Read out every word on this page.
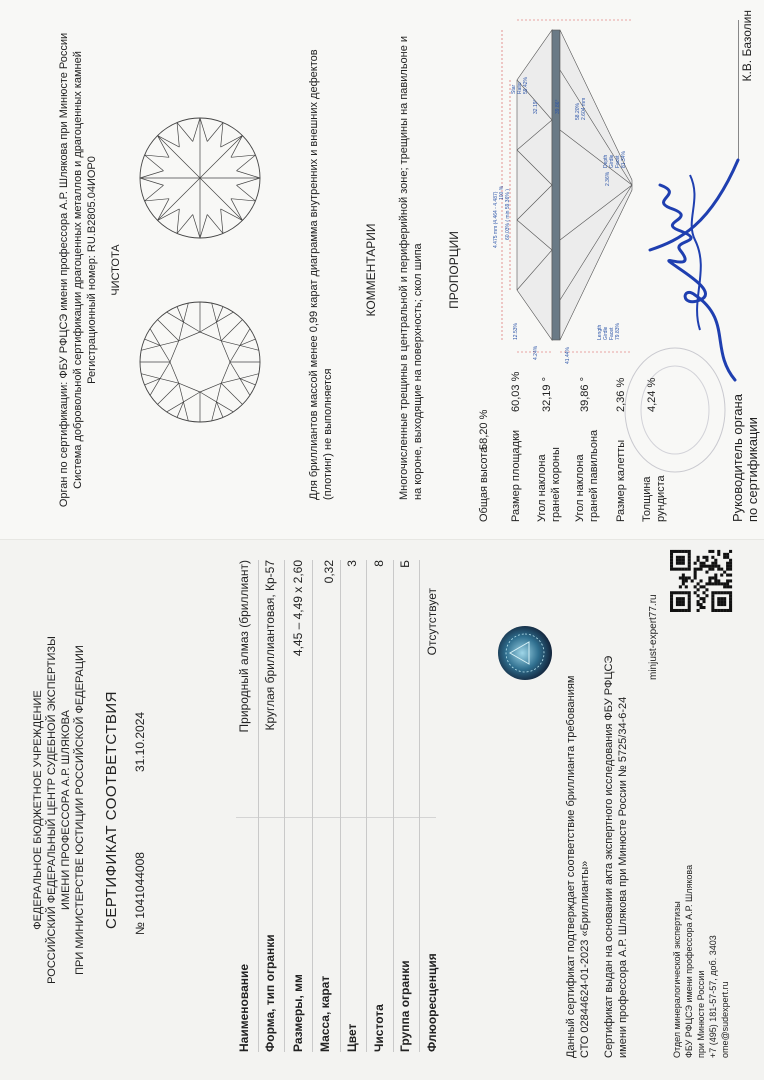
Руководитель органа по сертификации
К.В. Базолин
Орган по сертификации: ФБУ РФЦСЭ имени профессора А.Р. Шлякова при Минюсте России Система добровольной сертификации драгоценных металлов и драгоценных камней Регистрационный номер: RU.B2805.04ИОР0 ЧИСТОТА	Для бриллиантов массой менее 0,99 карат диаграмма внутренних и внешних дефектов (плотинг) не выполняется
КОММЕНТАРИИ Многочисленные трещины в центральной и периферийной зоне; трещины на павильоне и на короне, выходящие на поверхность; скол шипа ПРОПОРЦИИ
Общая высота
58,20 %
Размер площадки
60,03 %
Угол наклона граней короны
32,19 °
Угол наклона граней павильона
39,86 °
Размер калетты
2,36 %
Толщина рундиста
4,24 %
4.475 mm (4.464 - 4.487) 100 % 60.03% ( min 59.36% )
12.53%
4.24%	41.44%
32.19°	39.86°
Star Ratio 59.42%
58.20% 2.604 mm
2.36%
Depth Girdle Facet 81.34%
Length Girdle Facet 79.83%
ФЕДЕРАЛЬНОЕ БЮДЖЕТНОЕ УЧРЕЖДЕНИЕ РОССИЙСКИЙ ФЕДЕРАЛЬНЫЙ ЦЕНТР СУДЕБНОЙ ЭКСПЕРТИЗЫ ИМЕНИ ПРОФЕССОРА А.Р. ШЛЯКОВА ПРИ МИНИСТЕРСТВЕ ЮСТИЦИИ РОССИЙСКОЙ ФЕДЕРАЦИИ СЕРТИФИКАТ СООТВЕТСТВИЯ № 1041044008
31.10.2024
Наименование
Природный алмаз (бриллиант)
Форма, тип огранки
Круглая бриллиантовая, Кр-57
Размеры, мм
4,45 – 4,49 x 2,60
Масса, карат
0,32
Цвет
3
Чистота
8
Группа огранки
Б
Флюоресценция
Отсутствует
Данный сертификат подтверждает соответствие бриллианта требованиям СТО 02844624-01-2023 «Бриллианты» Сертификат выдан на основании акта экспертного исследования ФБУ РФЦСЭ имени профессора А.Р. Шлякова при Минюсте России № 5725/34-6-24
minjust-expert77.ru
Отдел минералогической экспертизы ФБУ РФЦСЭ имени профессора А.Р. Шлякова при Минюсте России +7 (495) 181-57-57, доб. 3403 ome@sudexpert.ru
